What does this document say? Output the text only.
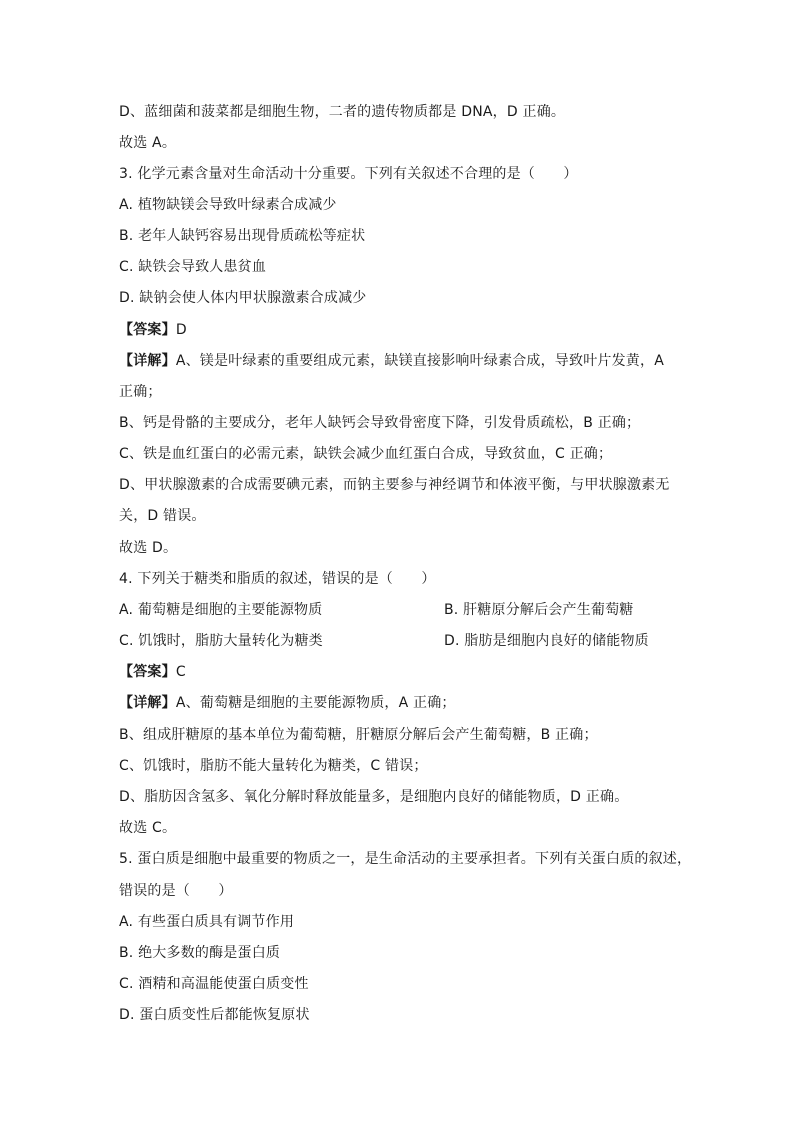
D、蓝细菌和菠菜都是细胞生物，二者的遗传物质都是 DNA，D 正确。
故选 A。
3. 化学元素含量对生命活动十分重要。下列有关叙述不合理的是（　　）
A. 植物缺镁会导致叶绿素合成减少
B. 老年人缺钙容易出现骨质疏松等症状
C. 缺铁会导致人患贫血
D. 缺钠会使人体内甲状腺激素合成减少
【答案】D
【详解】A、镁是叶绿素的重要组成元素，缺镁直接影响叶绿素合成，导致叶片发黄，A
正确；
B、钙是骨骼的主要成分，老年人缺钙会导致骨密度下降，引发骨质疏松，B 正确；
C、铁是血红蛋白的必需元素，缺铁会减少血红蛋白合成，导致贫血，C 正确；
D、甲状腺激素的合成需要碘元素，而钠主要参与神经调节和体液平衡，与甲状腺激素无
关，D 错误。
故选 D。
4. 下列关于糖类和脂质的叙述，错误的是（　　）
A. 葡萄糖是细胞的主要能源物质	B. 肝糖原分解后会产生葡萄糖
C. 饥饿时，脂肪大量转化为糖类	D. 脂肪是细胞内良好的储能物质
【答案】C
【详解】A、葡萄糖是细胞的主要能源物质，A 正确；
B、组成肝糖原的基本单位为葡萄糖，肝糖原分解后会产生葡萄糖，B 正确；
C、饥饿时，脂肪不能大量转化为糖类，C 错误；
D、脂肪因含氢多、氧化分解时释放能量多，是细胞内良好的储能物质，D 正确。
故选 C。
5. 蛋白质是细胞中最重要的物质之一，是生命活动的主要承担者。下列有关蛋白质的叙述，
错误的是（　　）
A. 有些蛋白质具有调节作用
B. 绝大多数的酶是蛋白质
C. 酒精和高温能使蛋白质变性
D. 蛋白质变性后都能恢复原状
